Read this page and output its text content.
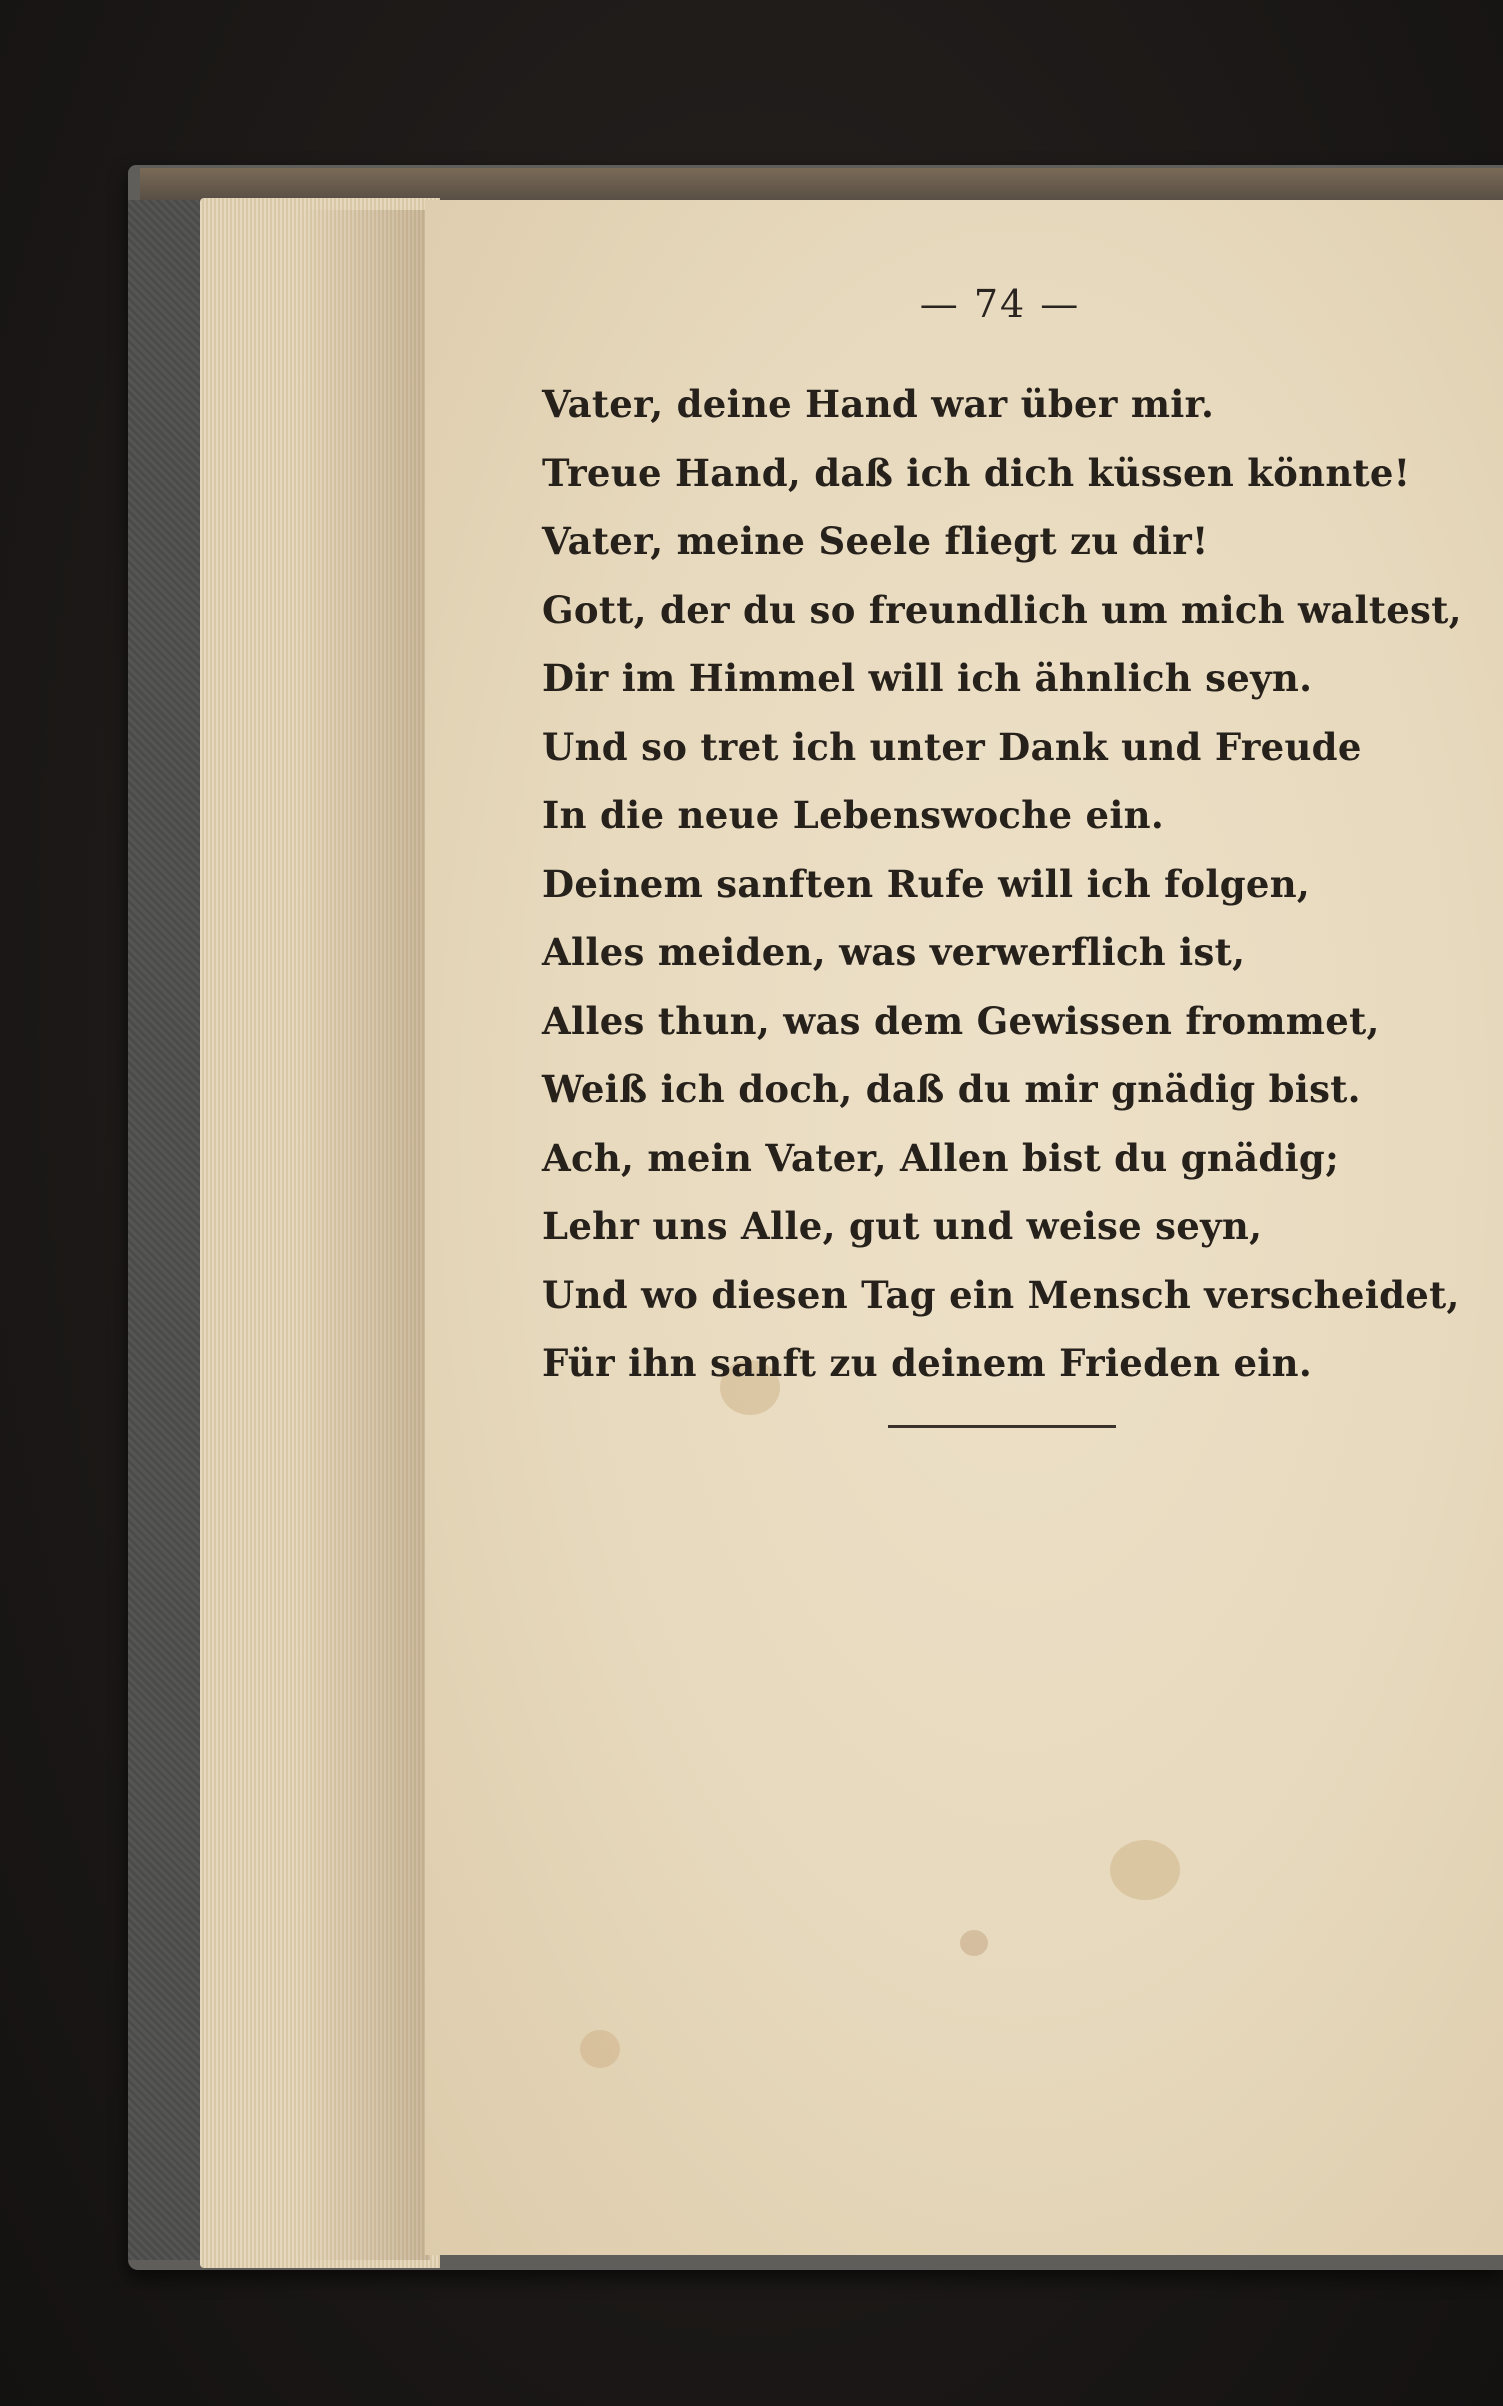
— 74 —
Vater, deine Hand war über mir.
Treue Hand, daß ich dich küssen könnte!
Vater, meine Seele fliegt zu dir!
Gott, der du so freundlich um mich waltest,
Dir im Himmel will ich ähnlich seyn.
Und so tret ich unter Dank und Freude
In die neue Lebenswoche ein.
Deinem sanften Rufe will ich folgen,
Alles meiden, was verwerflich ist,
Alles thun, was dem Gewissen frommet,
Weiß ich doch, daß du mir gnädig bist.
Ach, mein Vater, Allen bist du gnädig;
Lehr uns Alle, gut und weise seyn,
Und wo diesen Tag ein Mensch verscheidet,
Für ihn sanft zu deinem Frieden ein.
